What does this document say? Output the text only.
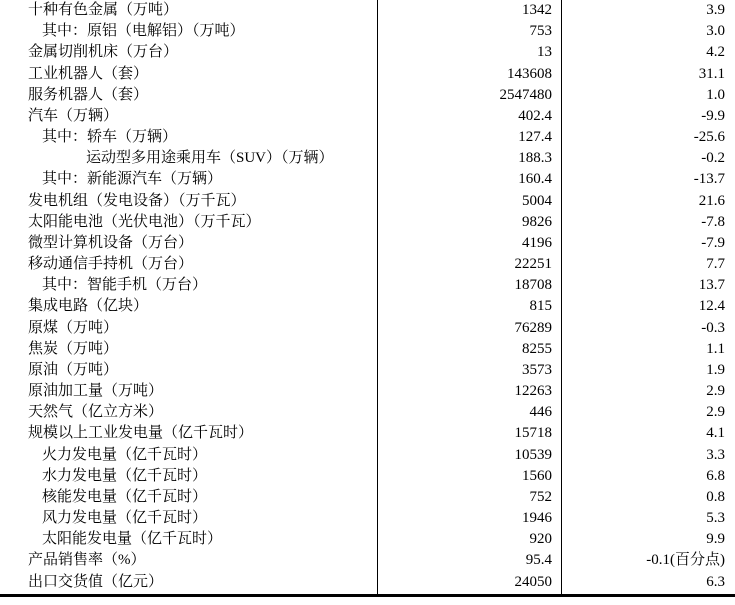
十种有色金属（万吨）	1342	3.9
其中：原铝（电解铝）（万吨）	753	3.0
金属切削机床（万台）	13	4.2
工业机器人（套）	143608	31.1
服务机器人（套）	2547480	1.0
汽车（万辆）	402.4	-9.9
其中：轿车（万辆）	127.4	-25.6
运动型多用途乘用车（SUV）（万辆）	188.3	-0.2
其中：新能源汽车（万辆）	160.4	-13.7
发电机组（发电设备）（万千瓦）	5004	21.6
太阳能电池（光伏电池）（万千瓦）	9826	-7.8
微型计算机设备（万台）	4196	-7.9
移动通信手持机（万台）	22251	7.7
其中：智能手机（万台）	18708	13.7
集成电路（亿块）	815	12.4
原煤（万吨）	76289	-0.3
焦炭（万吨）	8255	1.1
原油（万吨）	3573	1.9
原油加工量（万吨）	12263	2.9
天然气（亿立方米）	446	2.9
规模以上工业发电量（亿千瓦时）	15718	4.1
火力发电量（亿千瓦时）	10539	3.3
水力发电量（亿千瓦时）	1560	6.8
核能发电量（亿千瓦时）	752	0.8
风力发电量（亿千瓦时）	1946	5.3
太阳能发电量（亿千瓦时）	920	9.9
产品销售率（%）	95.4	-0.1(百分点)
出口交货值（亿元）	24050	6.3
